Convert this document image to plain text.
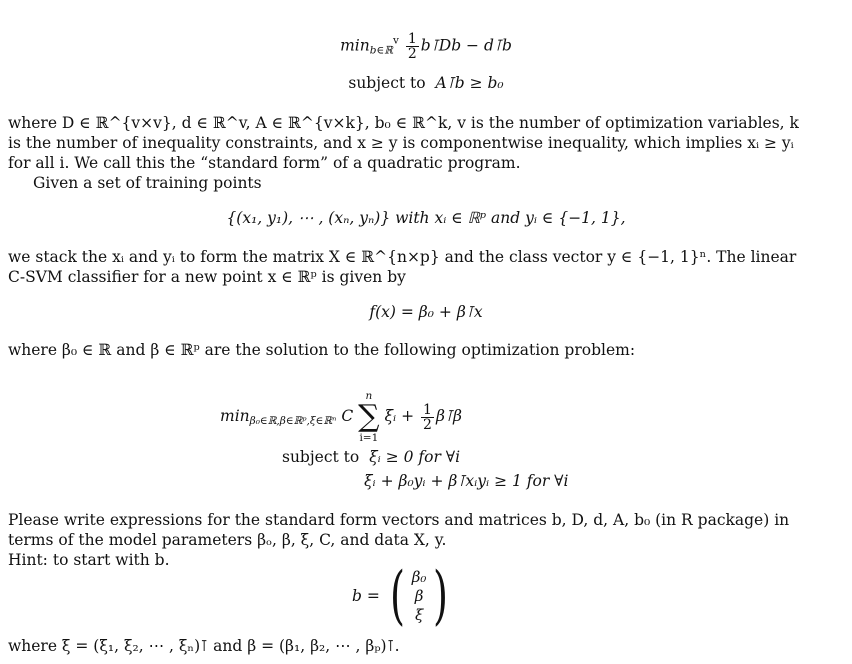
$\min_{b\in ℝ}^v \frac{1}{2}$ b⊺Db − d⊺b
subject to A⊺b ≥ b₀

where D ∈ ℝ^{v×v}, d ∈ ℝ^v, A ∈ ℝ^{v×k}, b₀ ∈ ℝ^k, v is the number of optimization variables, k is the number of inequality constraints, and x ≥ y is componentwise inequality, which implies xᵢ ≥ yᵢ for all i. We call this the “standard form” of a quadratic program.

Given a set of training points

{(x₁, y₁), ⋯ , (xₙ, yₙ)} with xᵢ ∈ ℝᵖ and yᵢ ∈ {−1, 1},

we stack the xᵢ and yᵢ to form the matrix X ∈ ℝ^{n×p} and the class vector y ∈ {−1, 1}ⁿ. The linear C-SVM classifier for a new point x ∈ ℝᵖ is given by

f(x) = β₀ + β⊺x

where β₀ ∈ ℝ and β ∈ ℝᵖ are the solution to the following optimization problem:

$\min_{\beta_0\in ℝ,\beta\in ℝᵖ,\xi\in ℝ^n} C$
n
∑
i=1
ξᵢ + $\frac{1}{2}$ β⊺β
subject to ξᵢ ≥ 0 for ∀i
ξᵢ + β₀yᵢ + β⊺xᵢyᵢ ≥ 1 for ∀i

Please write expressions for the standard form vectors and matrices b, D, d, A, b₀ (in R package) in terms of the model parameters βₒ, β, ξ, C, and data X, y.

Hint: to start with b.

b = ( β₀
β
ξ )

where ξ = (ξ₁, ξ₂, ⋯ , ξₙ)⊺ and β = (β₁, β₂, ⋯ , βₚ)⊺.
